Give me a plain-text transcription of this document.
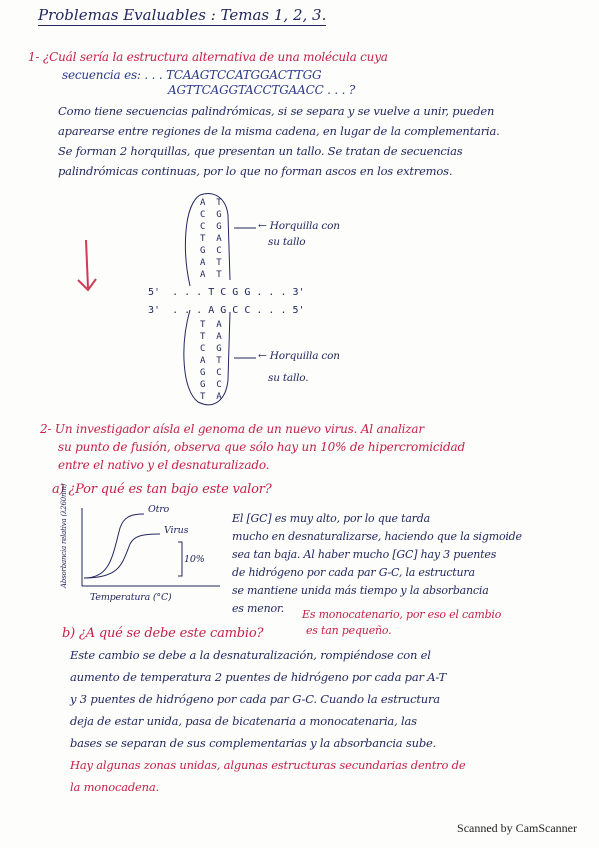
Problemas Evaluables : Temas 1, 2, 3.
1- ¿Cuál sería la estructura alternativa de una molécula cuya
secuencia es: . . . TCAAGTCCATGGACTTGG
AGTTCAGGTACCTGAACC . . . ?
Como tiene secuencias palindrómicas, si se separa y se vuelve a unir, pueden
aparearse entre regiones de la misma cadena, en lugar de la complementaria.
Se forman 2 horquillas, que presentan un tallo. Se tratan de secuencias
palindrómicas continuas, por lo que no forman ascos en los extremos.
A  T
C  G
C  G
T  A
G  C
A  T
A  T
5'  . . . T C G G . . . 3'
3'  . . . A G C C . . . 5'
T  A
T  A
C  G
A  T
G  C
G  C
T  A
← Horquilla con
su tallo
← Horquilla con
su tallo.
2- Un investigador aísla el genoma de un nuevo virus. Al analizar
su punto de fusión, observa que sólo hay un 10% de hipercromicidad
entre el nativo y el desnaturalizado.
a) ¿Por qué es tan bajo este valor?
Absorbancia relativa (λ260nm)
Temperatura (°C)
Otro
Virus
10%
El [GC] es muy alto, por lo que tarda
mucho en desnaturalizarse, haciendo que la sigmoide
sea tan baja. Al haber mucho [GC] hay 3 puentes
de hidrógeno por cada par G-C, la estructura
se mantiene unida más tiempo y la absorbancia
es menor. Es monocatenario, por eso el cambio
es tan pequeño.
b) ¿A qué se debe este cambio?
Este cambio se debe a la desnaturalización, rompiéndose con el
aumento de temperatura 2 puentes de hidrógeno por cada par A-T
y 3 puentes de hidrógeno por cada par G-C. Cuando la estructura
deja de estar unida, pasa de bicatenaria a monocatenaria, las
bases se separan de sus complementarias y la absorbancia sube.
Hay algunas zonas unidas, algunas estructuras secundarias dentro de
la monocadena.
Scanned by CamScanner
